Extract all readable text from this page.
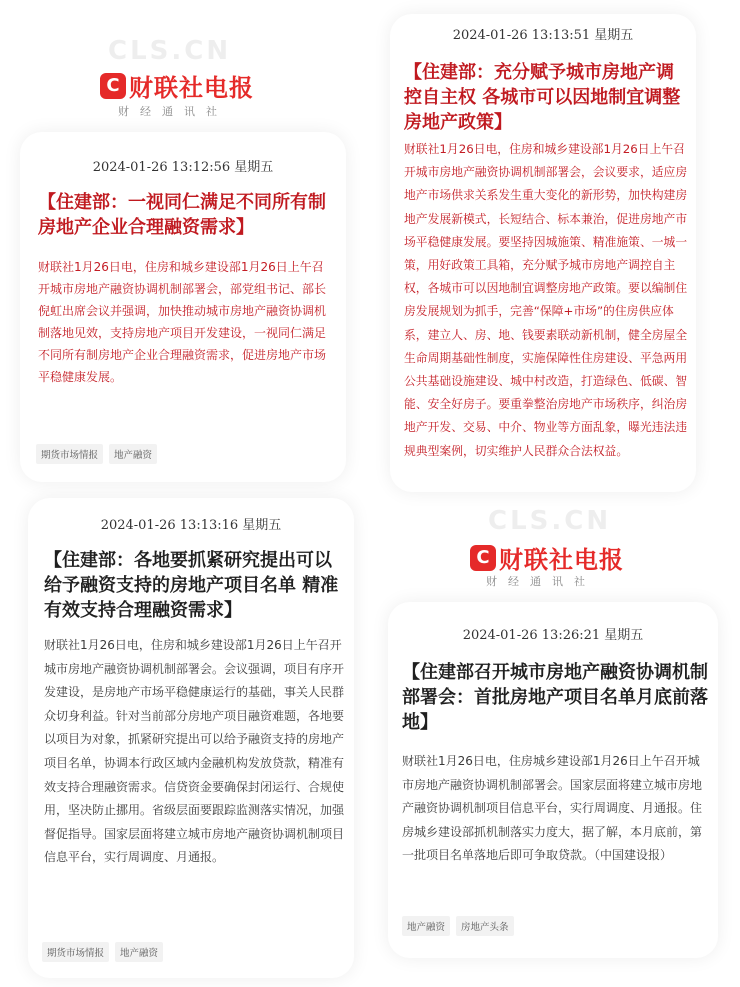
CLS.CN
C 财联社电报
财经通讯社
2024-01-26 13:12:56 星期五
【住建部：一视同仁满足不同所有制房地产企业合理融资需求】

财联社1月26日电，住房和城乡建设部1月26日上午召开城市房地产融资协调机制部署会，部党组书记、部长倪虹出席会议并强调，加快推动城市房地产融资协调机制落地见效，支持房地产项目开发建设，一视同仁满足不同所有制房地产企业合理融资需求，促进房地产市场平稳健康发展。

期货市场情报	地产融资
2024-01-26 13:13:51 星期五
【住建部：充分赋予城市房地产调控自主权 各城市可以因地制宜调整房地产政策】

财联社1月26日电，住房和城乡建设部1月26日上午召开城市房地产融资协调机制部署会，会议要求，适应房地产市场供求关系发生重大变化的新形势，加快构建房地产发展新模式，长短结合、标本兼治，促进房地产市场平稳健康发展。要坚持因城施策、精准施策、一城一策，用好政策工具箱，充分赋予城市房地产调控自主权，各城市可以因地制宜调整房地产政策。要以编制住房发展规划为抓手，完善“保障+市场”的住房供应体系，建立人、房、地、钱要素联动新机制，健全房屋全生命周期基础性制度，实施保障性住房建设、平急两用公共基础设施建设、城中村改造，打造绿色、低碳、智能、安全好房子。要重拳整治房地产市场秩序，纠治房地产开发、交易、中介、物业等方面乱象，曝光违法违规典型案例，切实维护人民群众合法权益。

2024-01-26 13:13:16 星期五
【住建部：各地要抓紧研究提出可以给予融资支持的房地产项目名单 精准有效支持合理融资需求】

财联社1月26日电，住房和城乡建设部1月26日上午召开城市房地产融资协调机制部署会。会议强调，项目有序开发建设，是房地产市场平稳健康运行的基础，事关人民群众切身利益。针对当前部分房地产项目融资难题，各地要以项目为对象，抓紧研究提出可以给予融资支持的房地产项目名单，协调本行政区域内金融机构发放贷款，精准有效支持合理融资需求。信贷资金要确保封闭运行、合规使用，坚决防止挪用。省级层面要跟踪监测落实情况，加强督促指导。国家层面将建立城市房地产融资协调机制项目信息平台，实行周调度、月通报。

期货市场情报	地产融资
CLS.CN
C 财联社电报
财经通讯社
2024-01-26 13:26:21 星期五
【住建部召开城市房地产融资协调机制部署会：首批房地产项目名单月底前落地】

财联社1月26日电，住房城乡建设部1月26日上午召开城市房地产融资协调机制部署会。国家层面将建立城市房地产融资协调机制项目信息平台，实行周调度、月通报。住房城乡建设部抓机制落实力度大，据了解，本月底前，第一批项目名单落地后即可争取贷款。（中国建设报）

地产融资	房地产头条
